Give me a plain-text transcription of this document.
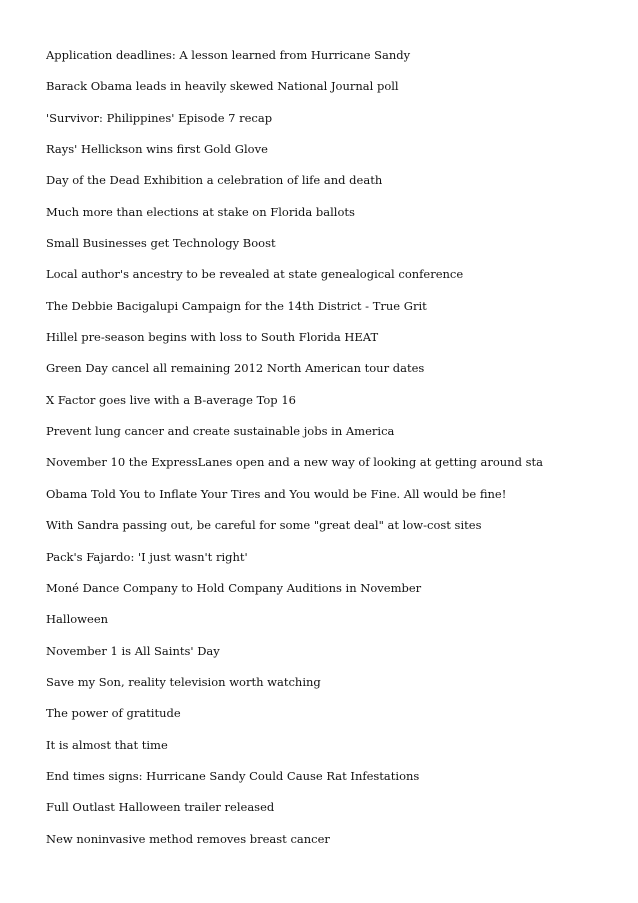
Application deadlines: A lesson learned from Hurricane Sandy
Barack Obama leads in heavily skewed National Journal poll
'Survivor: Philippines' Episode 7 recap
Rays' Hellickson wins first Gold Glove
Day of the Dead Exhibition a celebration of life and death
Much more than elections at stake on Florida ballots
Small Businesses get Technology Boost
Local author's ancestry to be revealed at state genealogical conference
The Debbie Bacigalupi Campaign for the 14th District - True Grit
Hillel pre-season begins with loss to South Florida HEAT
Green Day cancel all remaining 2012 North American tour dates
X Factor goes live with a B-average Top 16
Prevent lung cancer and create sustainable jobs in America
November 10 the ExpressLanes open and a new way of looking at getting around sta
Obama Told You to Inflate Your Tires and You would be Fine. All would be fine!
With Sandra passing out, be careful for some "great deal" at low-cost sites
Pack's Fajardo: 'I just wasn't right'
Moné Dance Company to Hold Company Auditions in November
Halloween
November 1 is All Saints' Day
Save my Son, reality television worth watching
The power of gratitude
It is almost that time
End times signs: Hurricane Sandy Could Cause Rat Infestations
Full Outlast Halloween trailer released
New noninvasive method removes breast cancer
